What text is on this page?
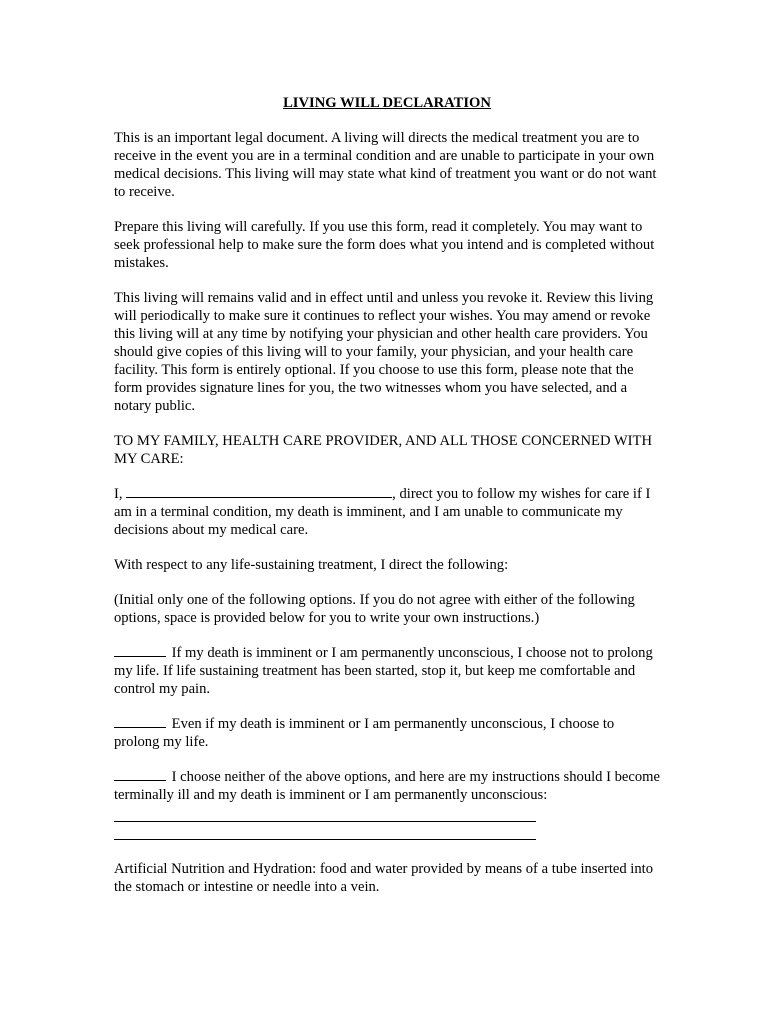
LIVING WILL DECLARATION

This is an important legal document. A living will directs the medical treatment you are to receive in the event you are in a terminal condition and are unable to participate in your own medical decisions. This living will may state what kind of treatment you want or do not want to receive.

Prepare this living will carefully. If you use this form, read it completely. You may want to seek professional help to make sure the form does what you intend and is completed without mistakes.

This living will remains valid and in effect until and unless you revoke it. Review this living will periodically to make sure it continues to reflect your wishes. You may amend or revoke this living will at any time by notifying your physician and other health care providers. You should give copies of this living will to your family, your physician, and your health care facility. This form is entirely optional. If you choose to use this form, please note that the form provides signature lines for you, the two witnesses whom you have selected, and a notary public.

TO MY FAMILY, HEALTH CARE PROVIDER, AND ALL THOSE CONCERNED WITH MY CARE:

I,	, direct you to follow my wishes for care if I am in a terminal condition, my death is imminent, and I am unable to communicate my decisions about my medical care.

With respect to any life-sustaining treatment, I direct the following:

(Initial only one of the following options. If you do not agree with either of the following options, space is provided below for you to write your own instructions.)

If my death is imminent or I am permanently unconscious, I choose not to prolong my life. If life sustaining treatment has been started, stop it, but keep me comfortable and control my pain.

Even if my death is imminent or I am permanently unconscious, I choose to prolong my life.

I choose neither of the above options, and here are my instructions should I become terminally ill and my death is imminent or I am permanently unconscious:

Artificial Nutrition and Hydration: food and water provided by means of a tube inserted into the stomach or intestine or needle into a vein.
